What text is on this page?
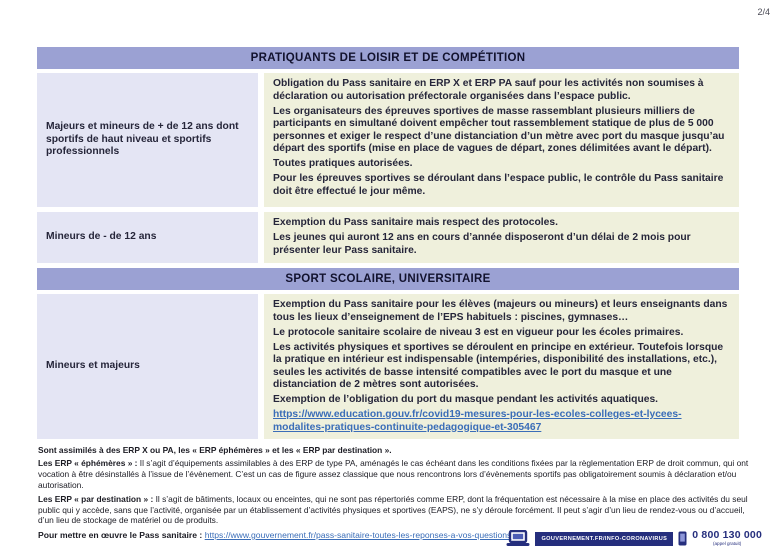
2/4
PRATIQUANTS DE LOISIR ET DE COMPÉTITION
Majeurs et mineurs de + de 12 ans dont sportifs de haut niveau et sportifs professionnels

Obligation du Pass sanitaire en ERP X et ERP PA sauf pour les activités non soumises à déclaration ou autorisation préfectorale organisées dans l’espace public.

Les organisateurs des épreuves sportives de masse rassemblant plusieurs milliers de participants en simultané doivent empêcher tout rassemblement statique de plus de 5 000 personnes et exiger le respect d’une distanciation d’un mètre avec port du masque jusqu’au départ des sportifs (mise en place de vagues de départ, zones délimitées avant le départ).

Toutes pratiques autorisées.

Pour les épreuves sportives se déroulant dans l’espace public, le contrôle du Pass sanitaire doit être effectué le jour même.

Mineurs de - de 12 ans

Exemption du Pass sanitaire mais respect des protocoles.

Les jeunes qui auront 12 ans en cours d’année disposeront d’un délai de 2 mois pour présenter leur Pass sanitaire.

SPORT SCOLAIRE, UNIVERSITAIRE
Mineurs et majeurs

Exemption du Pass sanitaire pour les élèves (majeurs ou mineurs) et leurs enseignants dans tous les lieux d’enseignement de l’EPS habituels : piscines, gymnases…

Le protocole sanitaire scolaire de niveau 3 est en vigueur pour les écoles primaires.

Les activités physiques et sportives se déroulent en principe en extérieur. Toutefois lorsque la pratique en intérieur est indispensable (intempéries, disponibilité des installations, etc.), seules les activités de basse intensité compatibles avec le port du masque et une distanciation de 2 mètres sont autorisées.

Exemption de l’obligation du port du masque pendant les activités aquatiques.

https://www.education.gouv.fr/covid19-mesures-pour-les-ecoles-colleges-et-lycees-modalites-pratiques-continuite-pedagogique-et-305467

Sont assimilés à des ERP X ou PA, les « ERP éphémères » et les « ERP par destination ».

Les ERP « éphémères » : Il s’agit d’équipements assimilables à des ERP de type PA, aménagés le cas échéant dans les conditions fixées par la règlementation ERP de droit commun, qui ont vocation à être désinstallés à l’issue de l’évènement. C’est un cas de figure assez classique que nous rencontrons lors d’évènements sportifs pas obligatoirement soumis à déclaration et/ou autorisation.

Les ERP « par destination » : Il s’agit de bâtiments, locaux ou enceintes, qui ne sont pas répertoriés comme ERP, dont la fréquentation est nécessaire à la mise en place des activités du seul public qui y accède, sans que l’activité, organisée par un établissement d’activités physiques et sportives (EAPS), ne s’y déroule forcément. Il peut s’agir d’un lieu de rendez-vous ou d’accueil, d’un lieu de stockage de matériel ou de produits.

Pour mettre en œuvre le Pass sanitaire : https://www.gouvernement.fr/pass-sanitaire-toutes-les-reponses-a-vos-questions	GOUVERNEMENT.FR/INFO-CORONAVIRUS	0 800 130 000
(appel gratuit)
